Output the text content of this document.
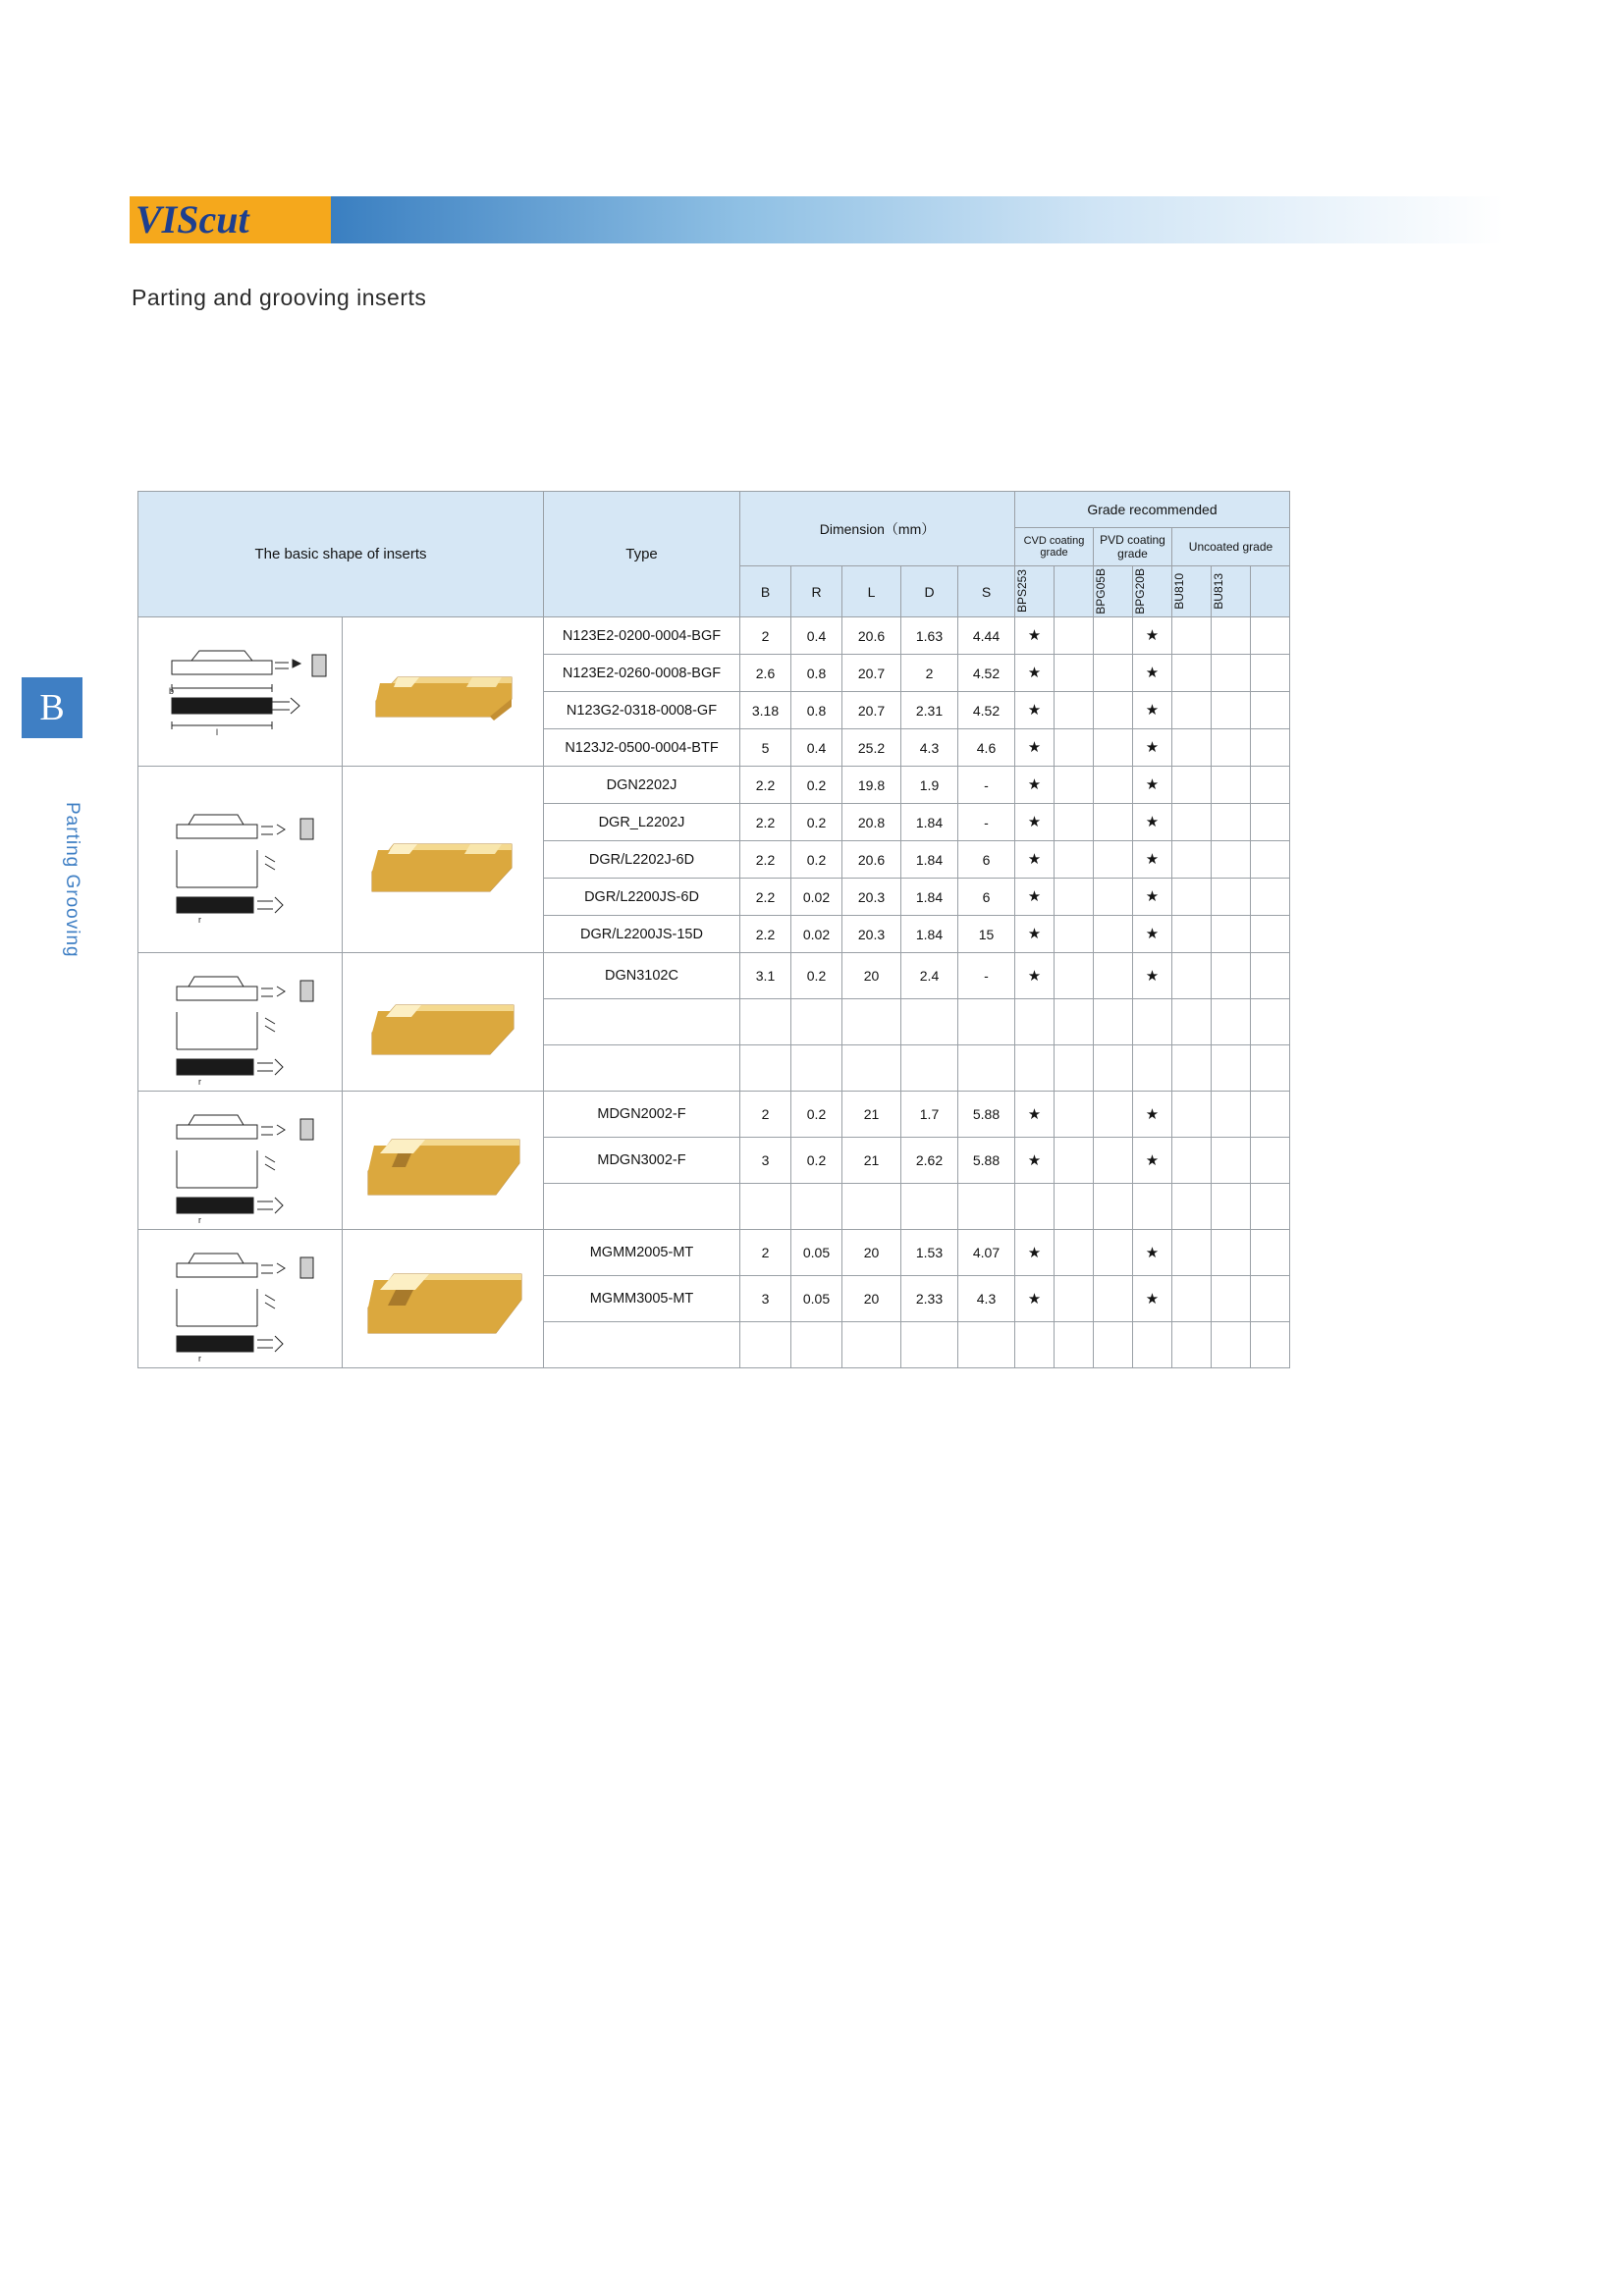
VIScut
Parting and grooving inserts
B
Parting Grooving
The basic shape of inserts		Type	Dimension（mm）					Grade recommended						
								CVD coating grade		PVD coating grade		Uncoated grade		
			B	R	L	D	S	BPS253		BPG05B	BPG20B	BU810	BU813	

b
l		N123E2-0200-0004-BGF	2	0.4	20.6	1.63	4.44	★			★			
		N123E2-0260-0008-BGF	2.6	0.8	20.7	2	4.52	★			★			
		N123G2-0318-0008-GF	3.18	0.8	20.7	2.31	4.52	★			★			
		N123J2-0500-0004-BTF	5	0.4	25.2	4.3	4.6	★			★			

r		DGN2202J	2.2	0.2	19.8	1.9	-	★			★			
		DGR_L2202J	2.2	0.2	20.8	1.84	-	★			★			
		DGR/L2202J-6D	2.2	0.2	20.6	1.84	6	★			★			
		DGR/L2200JS-6D	2.2	0.02	20.3	1.84	6	★			★			
		DGR/L2200JS-15D	2.2	0.02	20.3	1.84	15	★			★			

r		DGN3102C	3.1	0.2	20	2.4	-	★			★			

r		MDGN2002-F	2	0.2	21	1.7	5.88	★			★			
		MDGN3002-F	3	0.2	21	2.62	5.88	★			★			

r		MGMM2005-MT	2	0.05	20	1.53	4.07	★			★			
		MGMM3005-MT	3	0.05	20	2.33	4.3	★			★			
